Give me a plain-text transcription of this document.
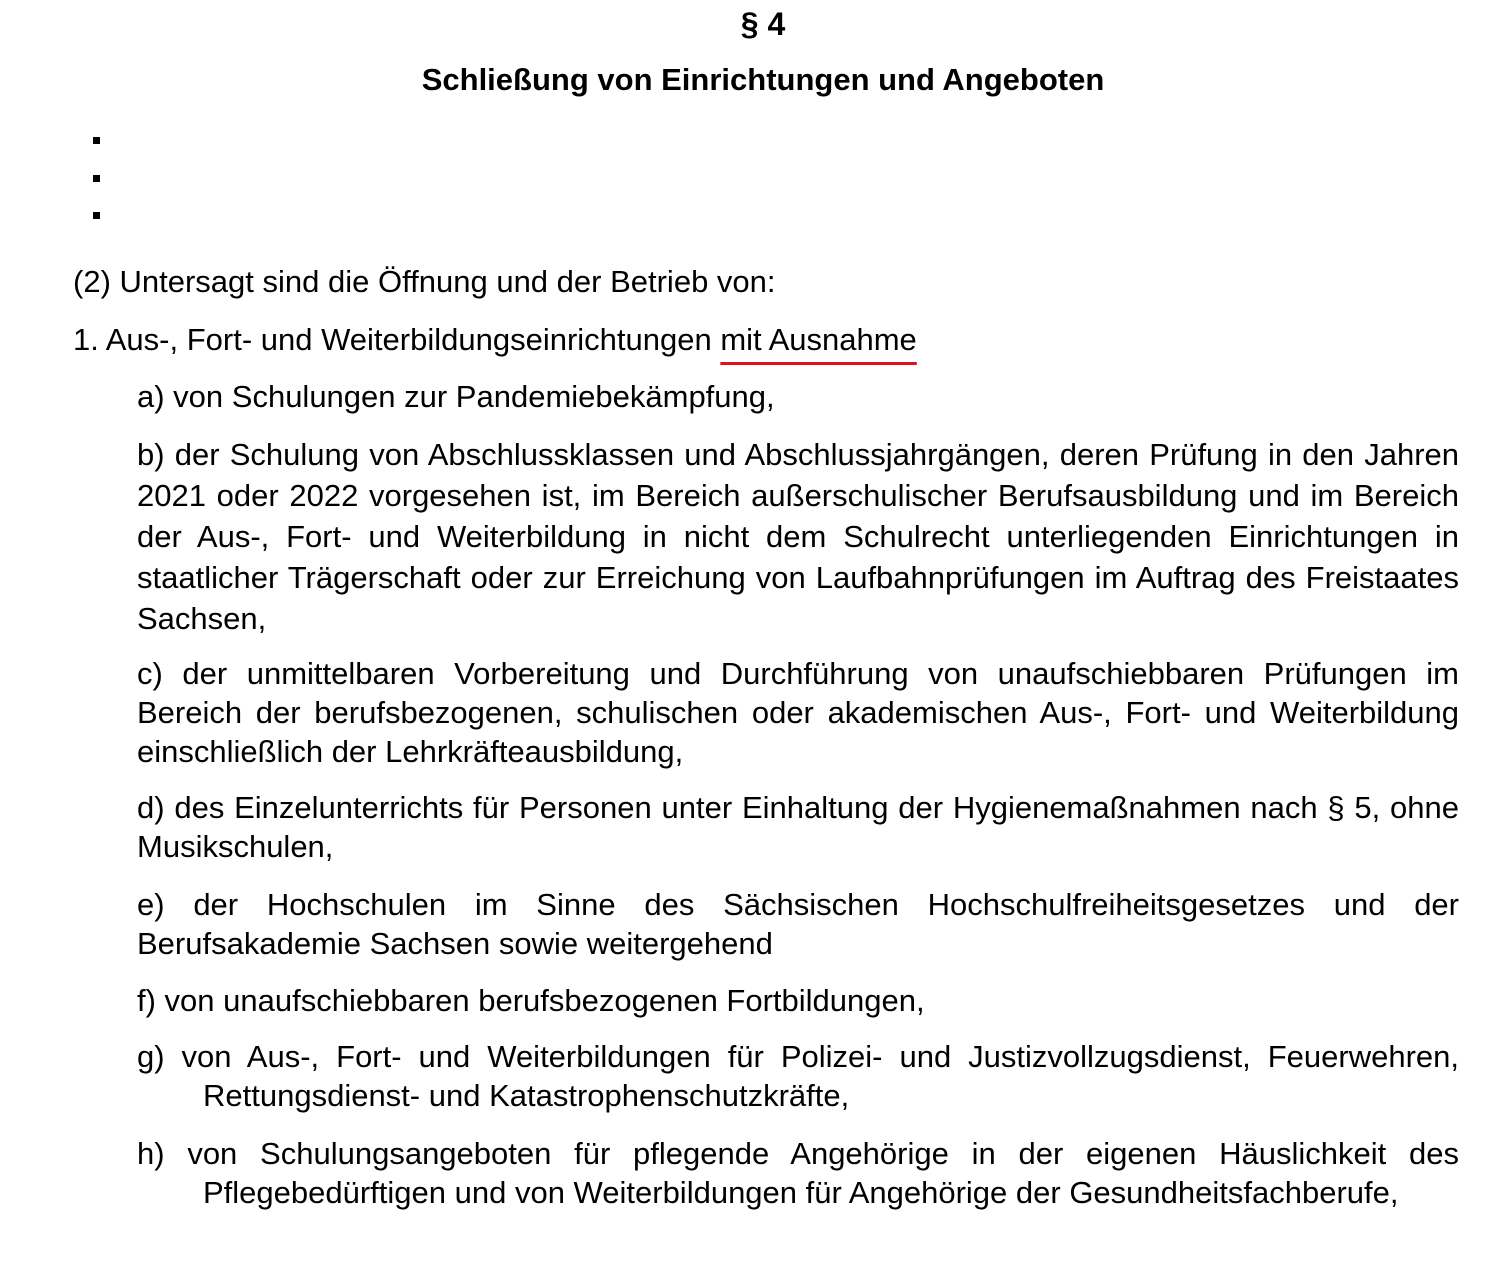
§ 4
Schließung von Einrichtungen und Angeboten

(2) Untersagt sind die Öffnung und der Betrieb von:

1. Aus-, Fort- und Weiterbildungseinrichtungen mit Ausnahme

a) von Schulungen zur Pandemiebekämpfung,

b) der Schulung von Abschlussklassen und Abschlussjahrgängen, deren Prüfung in den Jahren 2021 oder 2022 vorgesehen ist, im Bereich außerschulischer Berufsausbildung und im Bereich der Aus-, Fort- und Weiterbildung in nicht dem Schulrecht unterliegenden Einrichtungen in staatlicher Trägerschaft oder zur Erreichung von Laufbahnprüfungen im Auftrag des Freistaates Sachsen,

c) der unmittelbaren Vorbereitung und Durchführung von unaufschiebbaren Prüfungen im Bereich der berufsbezogenen, schulischen oder akademischen Aus-, Fort- und Weiterbildung einschließlich der Lehrkräfteausbildung,

d) des Einzelunterrichts für Personen unter Einhaltung der Hygienemaßnahmen nach § 5, ohne Musikschulen,

e) der Hochschulen im Sinne des Sächsischen Hochschulfreiheitsgesetzes und der Berufsakademie Sachsen sowie weitergehend

f) von unaufschiebbaren berufsbezogenen Fortbildungen,

g) von Aus-, Fort- und Weiterbildungen für Polizei- und Justizvollzugsdienst, Feuerwehren, Rettungsdienst- und Katastrophenschutzkräfte,

h) von Schulungsangeboten für pflegende Angehörige in der eigenen Häuslichkeit des Pflegebedürftigen und von Weiterbildungen für Angehörige der Gesundheitsfachberufe,
